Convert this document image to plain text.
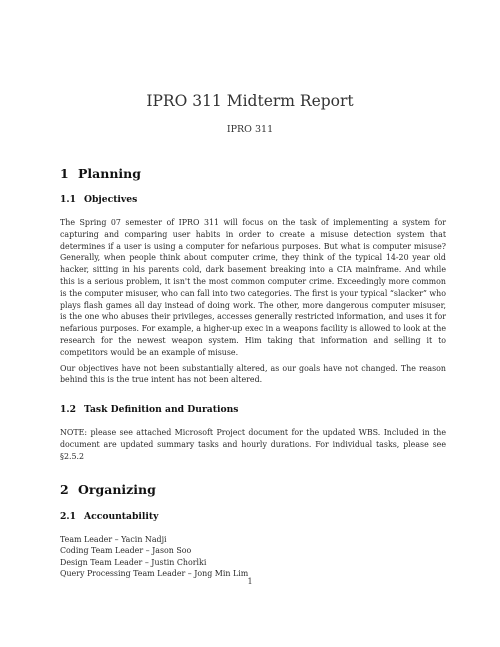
IPRO 311 Midterm Report
IPRO 311
1 Planning
1.1 Objectives

The Spring 07 semester of IPRO 311 will focus on the task of implementing a system for capturing and comparing user habits in order to create a misuse detection system that determines if a user is using a computer for nefarious purposes. But what is computer misuse? Generally, when people think about computer crime, they think of the typical 14-20 year old hacker, sitting in his parents cold, dark basement breaking into a CIA mainframe. And while this is a serious problem, it isn't the most common computer crime. Exceedingly more common is the computer misuser, who can fall into two categories. The first is your typical “slacker” who plays flash games all day instead of doing work. The other, more dangerous computer misuser, is the one who abuses their privileges, accesses generally restricted information, and uses it for nefarious purposes. For example, a higher-up exec in a weapons facility is allowed to look at the research for the newest weapon system. Him taking that information and selling it to competitors would be an example of misuse.

Our objectives have not been substantially altered, as our goals have not changed. The reason behind this is the true intent has not been altered.

1.2 Task Definition and Durations

NOTE: please see attached Microsoft Project document for the updated WBS. Included in the document are updated summary tasks and hourly durations. For individual tasks, please see §2.5.2

2 Organizing
2.1 Accountability

Team Leader – Yacin Nadji

Coding Team Leader – Jason Soo

Design Team Leader – Justin Chorlki

Query Processing Team Leader – Jong Min Lim

1
